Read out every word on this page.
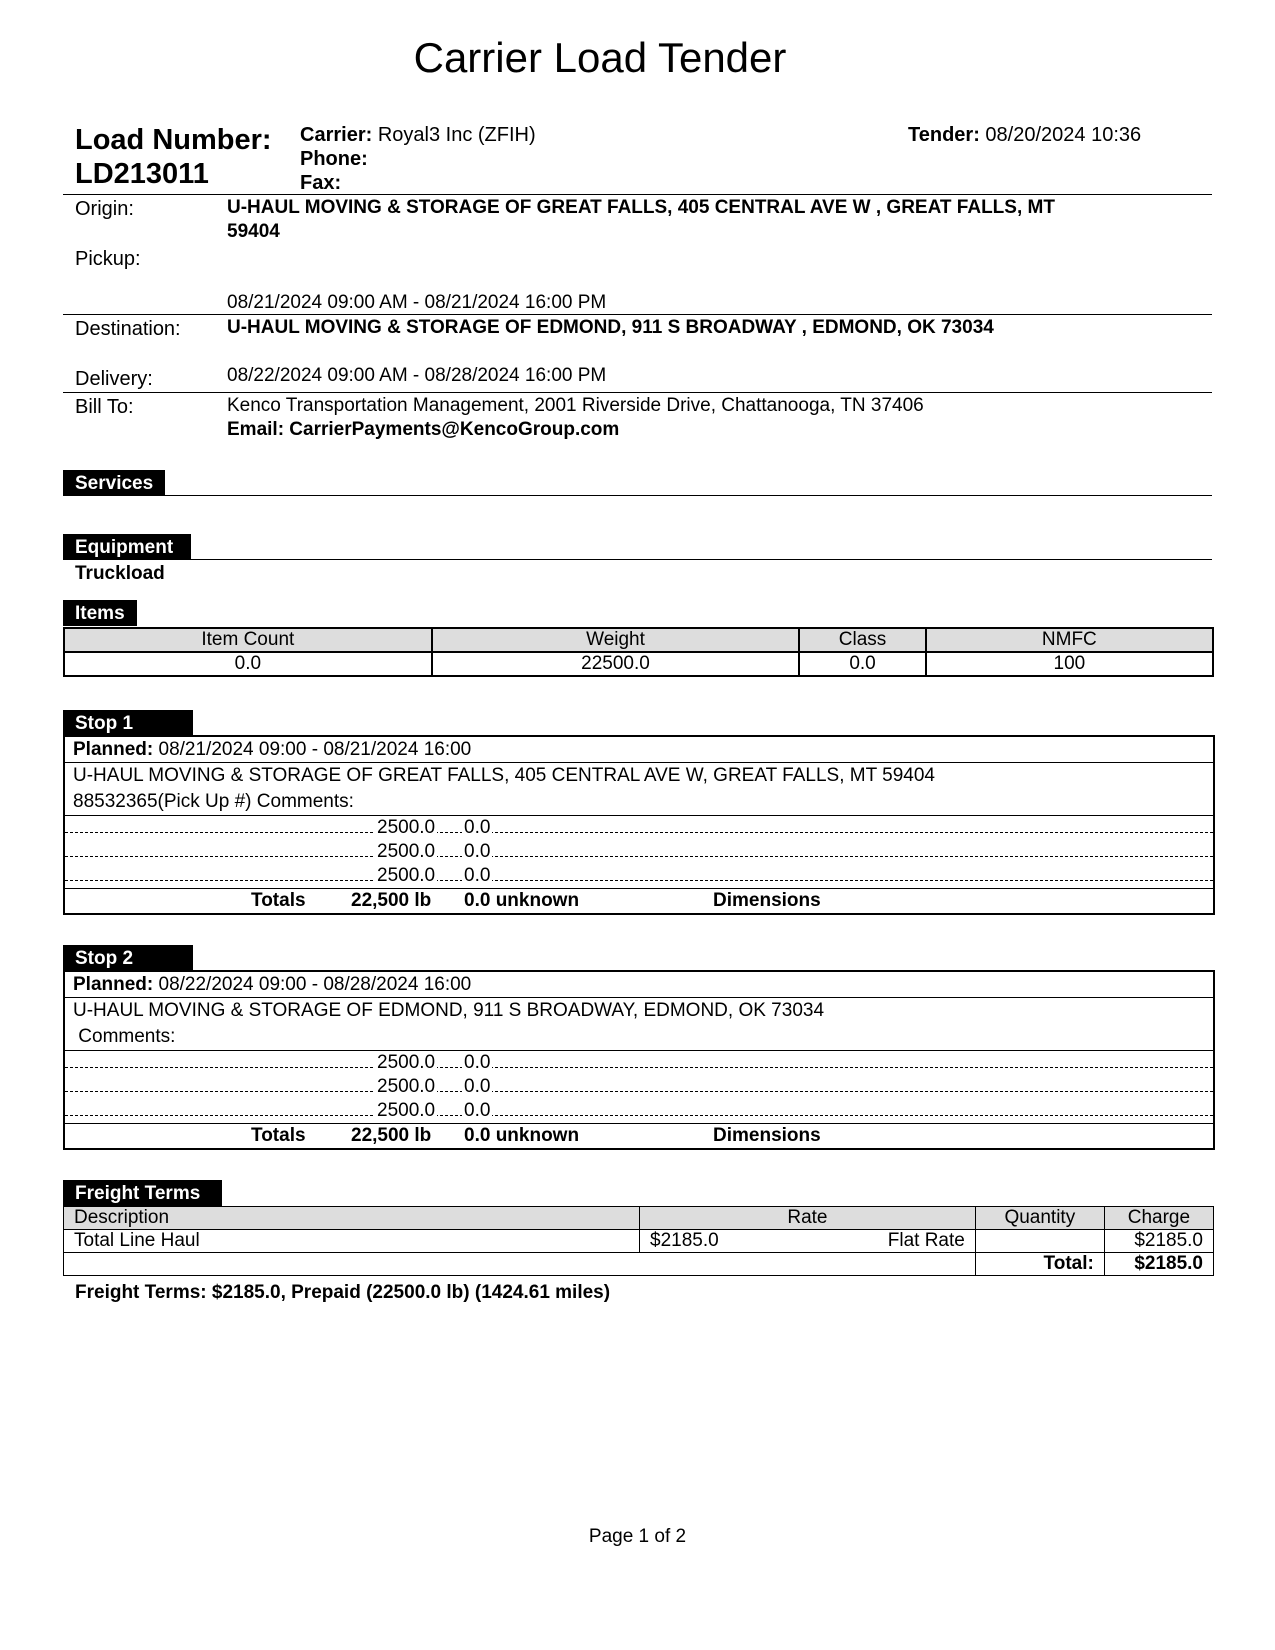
Carrier Load Tender
Load Number:
LD213011
Carrier: Royal3 Inc (ZFIH)
Phone:
Fax:
Tender: 08/20/2024 10:36
Origin:	U-HAUL MOVING & STORAGE OF GREAT FALLS, 405 CENTRAL AVE W , GREAT FALLS, MT
59404
Pickup:
08/21/2024 09:00 AM - 08/21/2024 16:00 PM
Destination: U-HAUL MOVING & STORAGE OF EDMOND, 911 S BROADWAY , EDMOND, OK 73034
Delivery:	08/22/2024 09:00 AM - 08/28/2024 16:00 PM
Bill To:	Kenco Transportation Management, 2001 Riverside Drive, Chattanooga, TN 37406
Email: CarrierPayments@KencoGroup.com
Services
Equipment
Truckload
Items
Item Count	Weight	Class	NMFC
0.0	22500.0	0.0	100
Stop 1
Planned: 08/21/2024 09:00 - 08/21/2024 16:00
U-HAUL MOVING & STORAGE OF GREAT FALLS, 405 CENTRAL AVE W, GREAT FALLS, MT 59404
88532365(Pick Up #) Comments:
2500.0 0.0
2500.0 0.0
2500.0 0.0
Totals 22,500 lb 0.0 unknown	Dimensions
Stop 2
Planned: 08/22/2024 09:00 - 08/28/2024 16:00
U-HAUL MOVING & STORAGE OF EDMOND, 911 S BROADWAY, EDMOND, OK 73034
Comments:
2500.0 0.0
2500.0 0.0
2500.0 0.0
Totals 22,500 lb 0.0 unknown	Dimensions
Freight Terms
Description	Rate		Quantity	Charge
Total Line Haul	$2185.0	Flat Rate		$2185.0
			Total:	$2185.0
Freight Terms: $2185.0, Prepaid (22500.0 lb) (1424.61 miles)
Page 1 of 2
